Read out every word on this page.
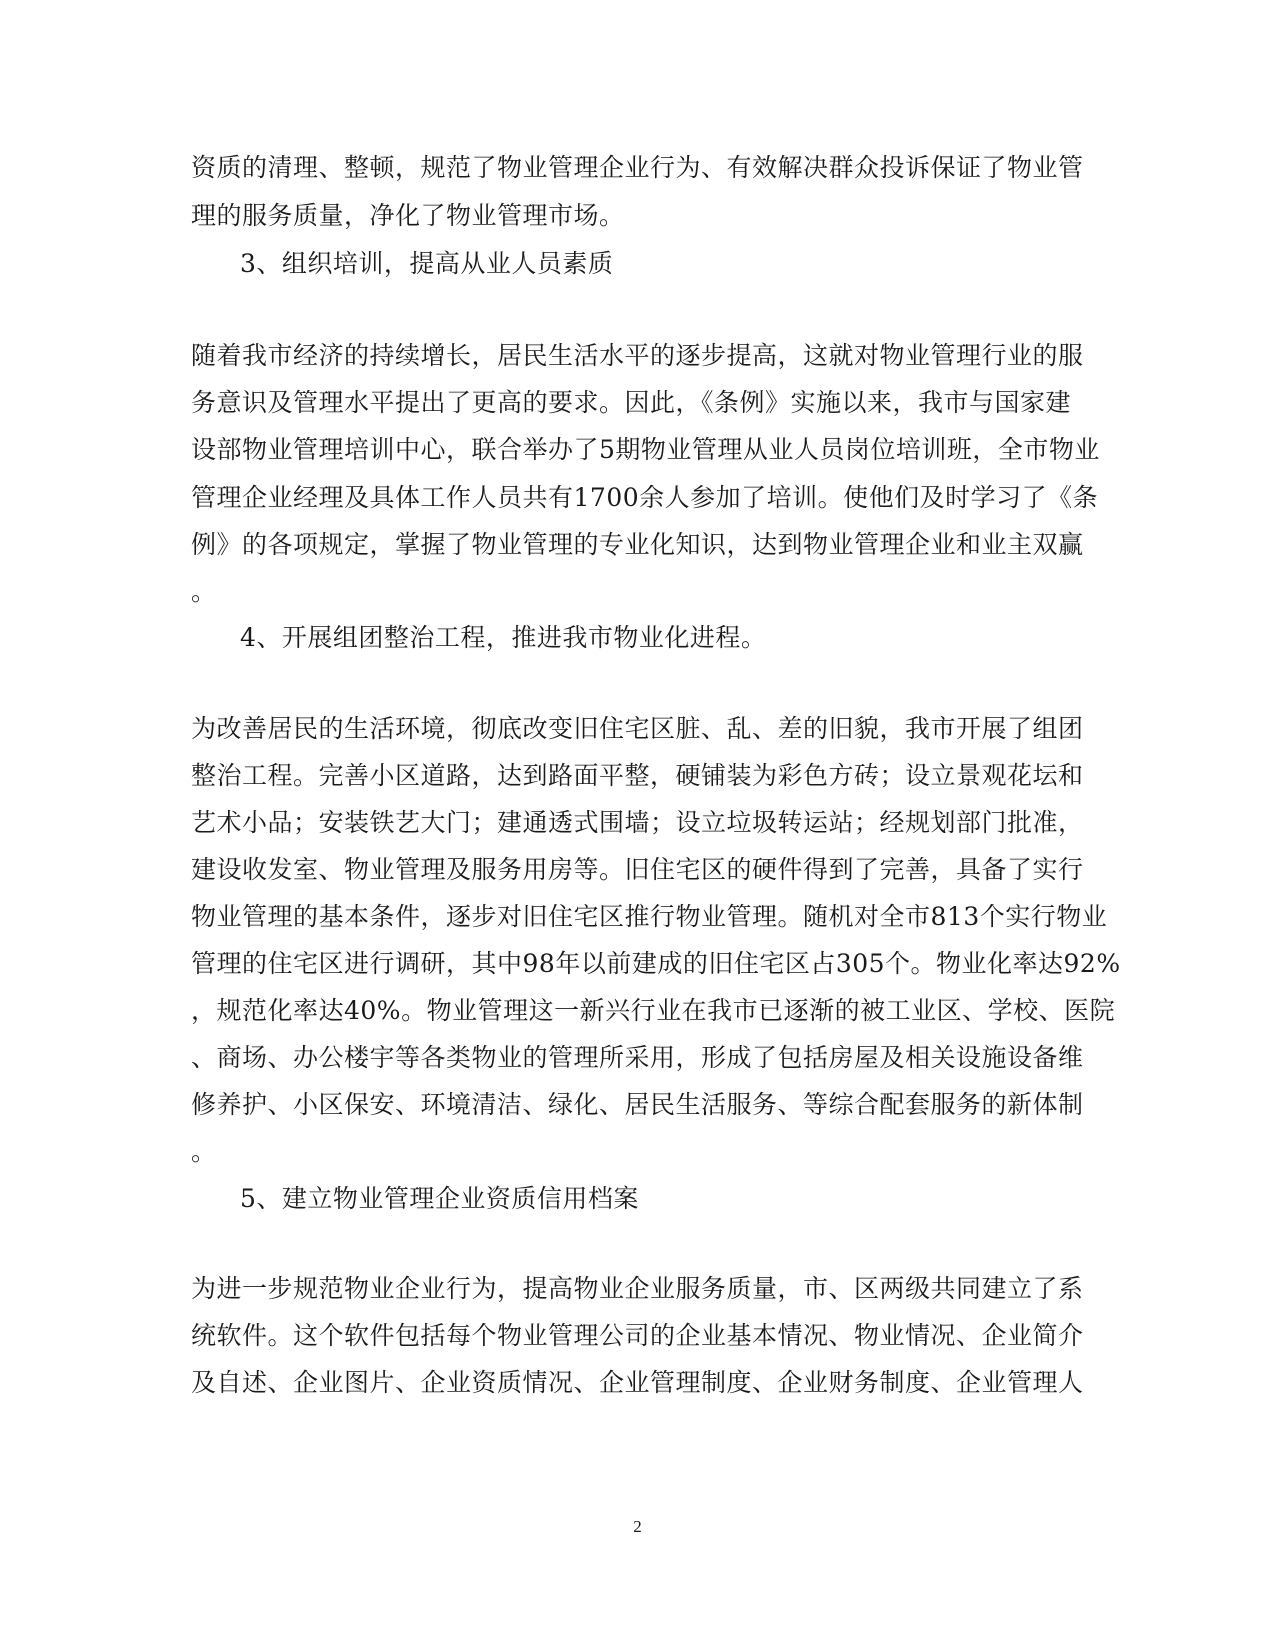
资质的清理、整顿，规范了物业管理企业行为、有效解决群众投诉保证了物业管
理的服务质量，净化了物业管理市场。
3、组织培训，提高从业人员素质
随着我市经济的持续增长，居民生活水平的逐步提高，这就对物业管理行业的服
务意识及管理水平提出了更高的要求。因此，《条例》实施以来，我市与国家建
设部物业管理培训中心，联合举办了5期物业管理从业人员岗位培训班，全市物业
管理企业经理及具体工作人员共有1700余人参加了培训。使他们及时学习了《条
例》的各项规定，掌握了物业管理的专业化知识，达到物业管理企业和业主双赢
。
4、开展组团整治工程，推进我市物业化进程。
为改善居民的生活环境，彻底改变旧住宅区脏、乱、差的旧貌，我市开展了组团
整治工程。完善小区道路，达到路面平整，硬铺装为彩色方砖；设立景观花坛和
艺术小品；安装铁艺大门；建通透式围墙；设立垃圾转运站；经规划部门批准，
建设收发室、物业管理及服务用房等。旧住宅区的硬件得到了完善，具备了实行
物业管理的基本条件，逐步对旧住宅区推行物业管理。随机对全市813个实行物业
管理的住宅区进行调研，其中98年以前建成的旧住宅区占305个。物业化率达92%
，规范化率达40%。物业管理这一新兴行业在我市已逐渐的被工业区、学校、医院
、商场、办公楼宇等各类物业的管理所采用，形成了包括房屋及相关设施设备维
修养护、小区保安、环境清洁、绿化、居民生活服务、等综合配套服务的新体制
。
5、建立物业管理企业资质信用档案
为进一步规范物业企业行为，提高物业企业服务质量，市、区两级共同建立了系
统软件。这个软件包括每个物业管理公司的企业基本情况、物业情况、企业简介
及自述、企业图片、企业资质情况、企业管理制度、企业财务制度、企业管理人
2
